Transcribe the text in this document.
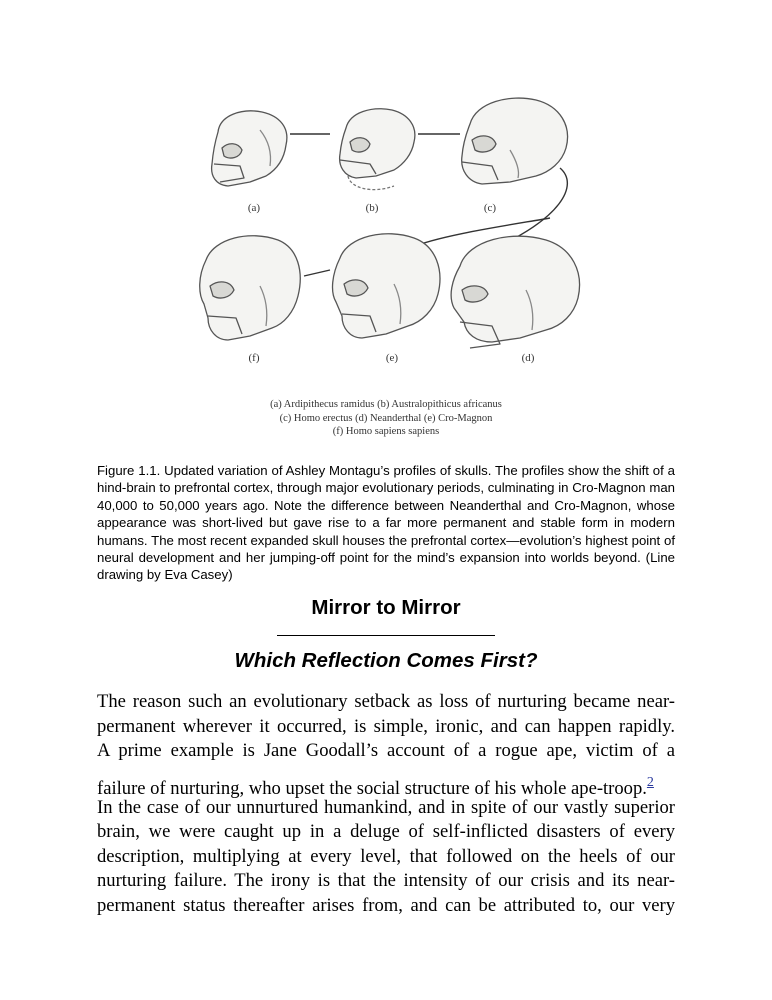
(a)	(b)	(c)
(f)	(e)	(d)
(a) Ardipithecus ramidus (b) Australopithicus africanus
(c) Homo erectus (d) Neanderthal (e) Cro-Magnon
(f) Homo sapiens sapiens

Figure 1.1. Updated variation of Ashley Montagu’s profiles of skulls. The profiles show the shift of a hind-brain to prefrontal cortex, through major evolutionary periods, culminating in Cro-Magnon man 40,000 to 50,000 years ago. Note the difference between Neanderthal and Cro-Magnon, whose appearance was short-lived but gave rise to a far more permanent and stable form in modern humans. The most recent expanded skull houses the prefrontal cortex—evolution’s highest point of neural development and her jumping-off point for the mind’s expansion into worlds beyond. (Line drawing by Eva Casey)

Mirror to Mirror
Which Reflection Comes First?
The reason such an evolutionary setback as loss of nurturing became near-
permanent wherever it occurred, is simple, ironic, and can happen rapidly.
A prime example is Jane Goodall’s account of a rogue ape, victim of a
failure of nurturing, who upset the social structure of his whole ape-troop.$^2$
In the case of our unnurtured humankind, and in spite of our vastly superior
brain, we were caught up in a deluge of self-inflicted disasters of every
description, multiplying at every level, that followed on the heels of our
nurturing failure. The irony is that the intensity of our crisis and its near-
permanent status thereafter arises from, and can be attributed to, our very
